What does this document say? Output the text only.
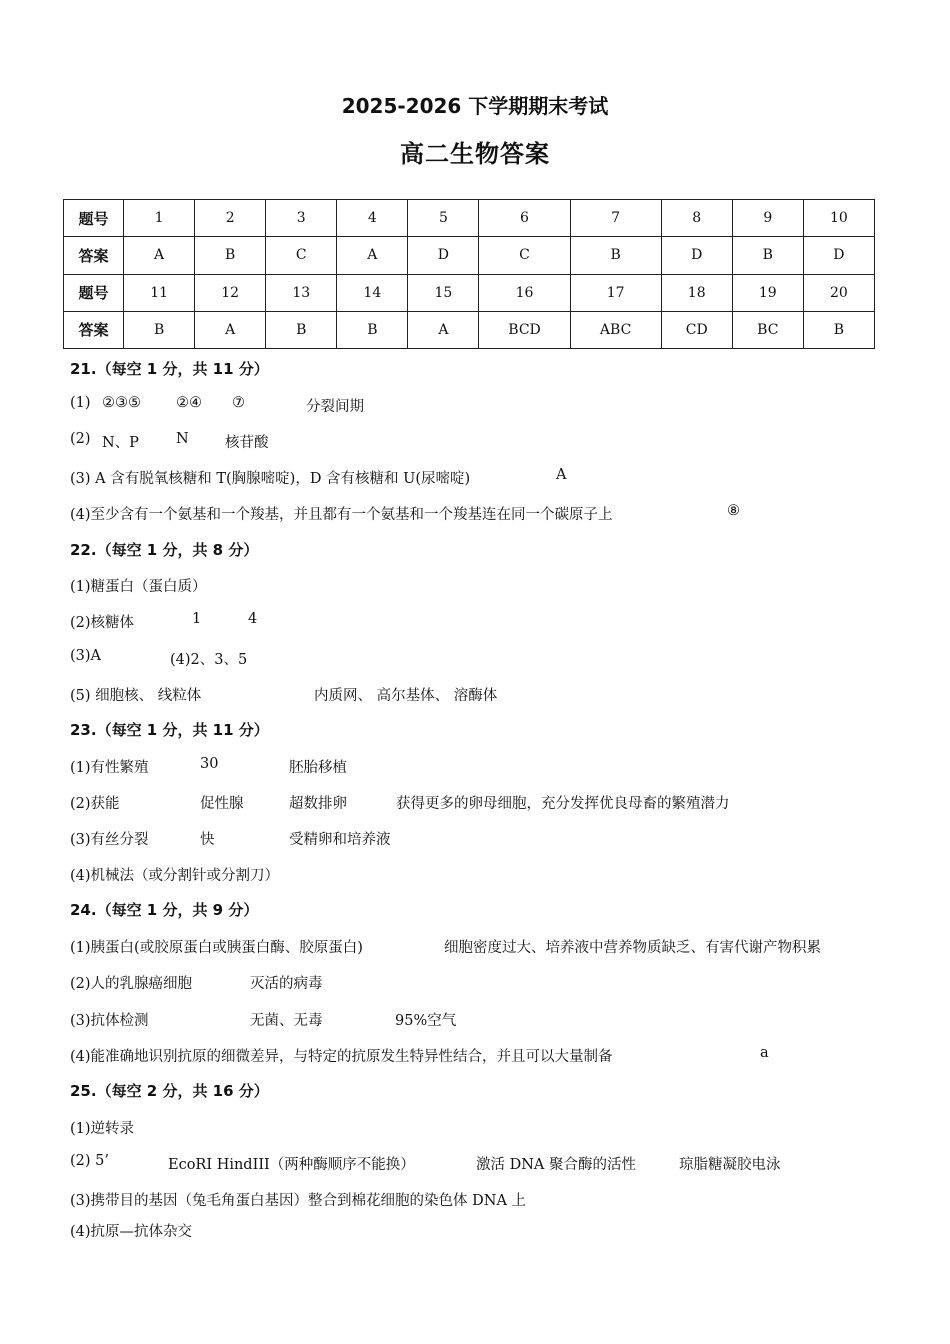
2025-2026 下学期期末考试
高二生物答案
题号	1	2	3	4	5	6	7	8	9	10
答案	A	B	C	A	D	C	B	D	B	D
题号	11	12	13	14	15	16	17	18	19	20
答案	B	A	B	B	A	BCD	ABC	CD	BC	B
21.（每空 1 分，共 11 分）
(1) ②③⑤ ②④ ⑦	分裂间期
(2) N、P	N	核苷酸
(3) A 含有脱氧核糖和 T(胸腺嘧啶)，D 含有核糖和 U(尿嘧啶)	A
(4)至少含有一个氨基和一个羧基，并且都有一个氨基和一个羧基连在同一个碳原子上	⑧
22.（每空 1 分，共 8 分）
(1)糖蛋白（蛋白质）
(2)核糖体	1	4
(3)A	(4)2、3、5
(5) 细胞核、 线粒体	内质网、 高尔基体、 溶酶体
23.（每空 1 分，共 11 分）
(1)有性繁殖	30	胚胎移植
(2)获能	促性腺	超数排卵	获得更多的卵母细胞，充分发挥优良母畜的繁殖潜力
(3)有丝分裂	快	受精卵和培养液
(4)机械法（或分割针或分割刀）
24.（每空 1 分，共 9 分）
(1)胰蛋白(或胶原蛋白或胰蛋白酶、胶原蛋白)	细胞密度过大、培养液中营养物质缺乏、有害代谢产物积累
(2)人的乳腺癌细胞	灭活的病毒
(3)抗体检测	无菌、无毒	95%空气
(4)能准确地识别抗原的细微差异，与特定的抗原发生特异性结合，并且可以大量制备	a
25.（每空 2 分，共 16 分）
(1)逆转录
(2) 5’	EcoRI HindIII（两种酶顺序不能换）	激活 DNA 聚合酶的活性	琼脂糖凝胶电泳
(3)携带目的基因（兔毛角蛋白基因）整合到棉花细胞的染色体 DNA 上
(4)抗原—抗体杂交
